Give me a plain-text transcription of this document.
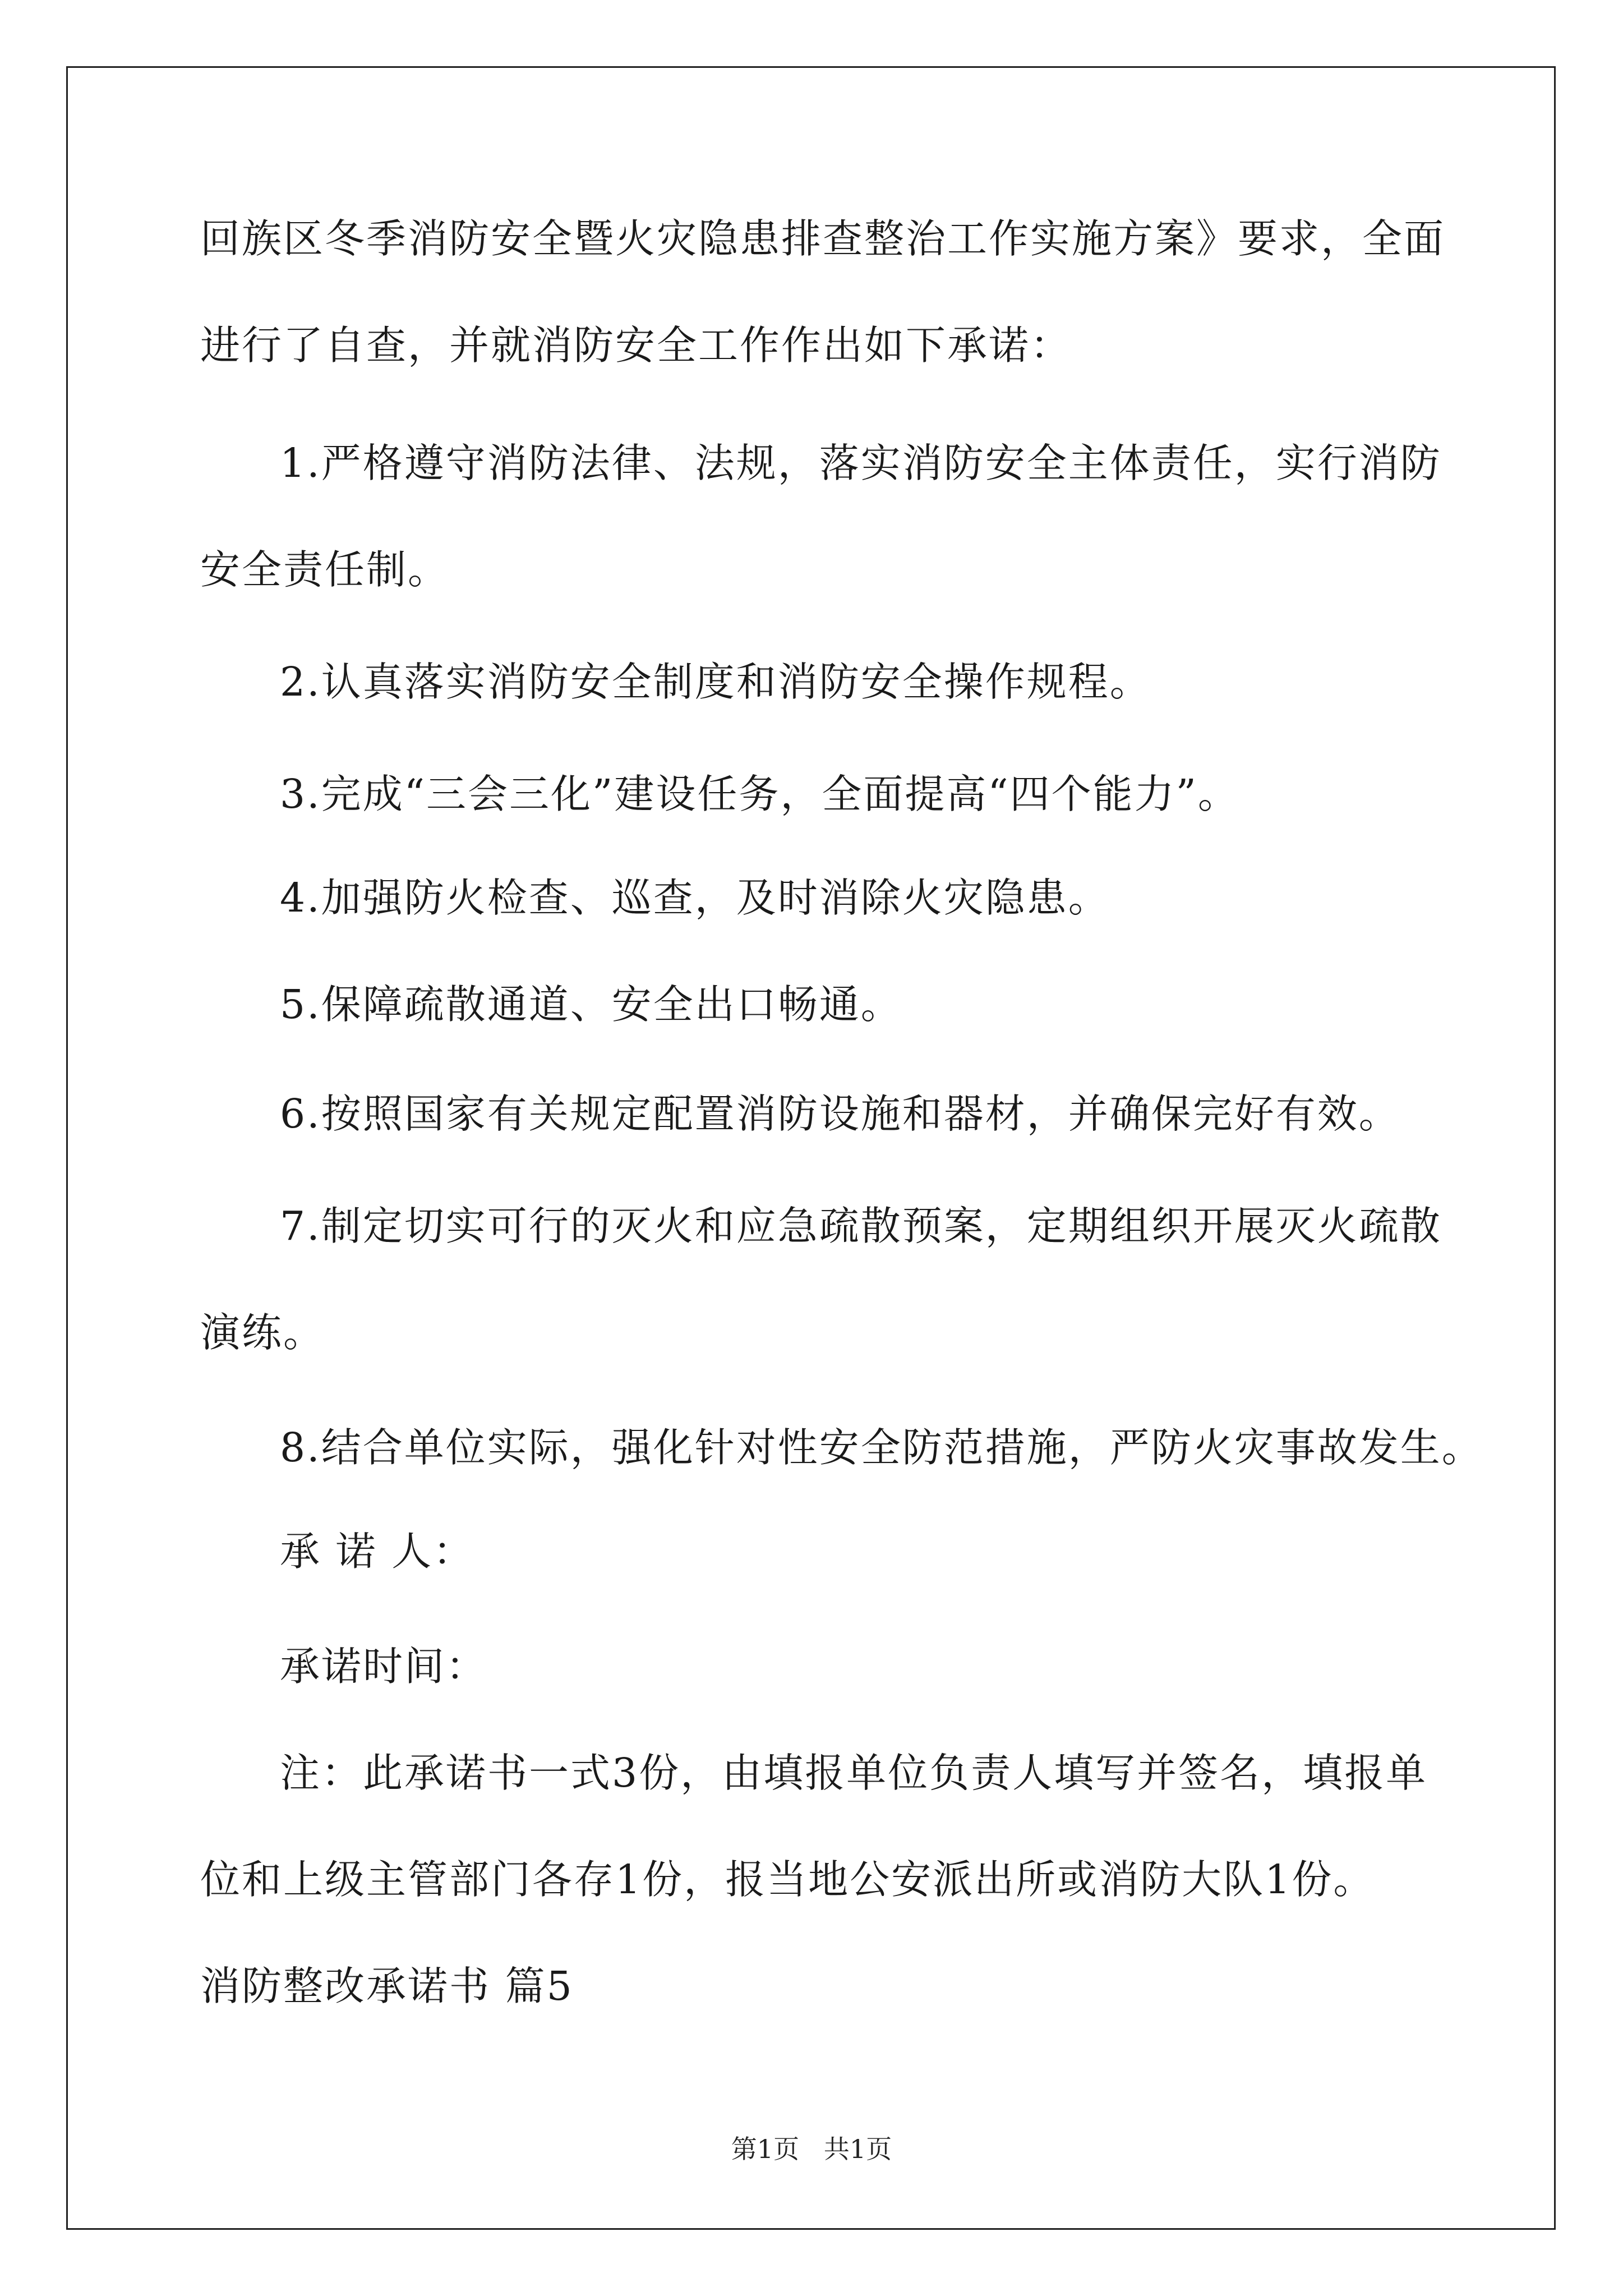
回族区冬季消防安全暨火灾隐患排查整治工作实施方案》要求，全面
进行了自查，并就消防安全工作作出如下承诺：
1.严格遵守消防法律、法规，落实消防安全主体责任，实行消防
安全责任制。
2.认真落实消防安全制度和消防安全操作规程。
3.完成“三会三化”建设任务，全面提高“四个能力”。
4.加强防火检查、巡查，及时消除火灾隐患。
5.保障疏散通道、安全出口畅通。
6.按照国家有关规定配置消防设施和器材，并确保完好有效。
7.制定切实可行的灭火和应急疏散预案，定期组织开展灭火疏散
演练。
8.结合单位实际，强化针对性安全防范措施，严防火灾事故发生。
承 诺 人：
承诺时间：
注：此承诺书一式3份，由填报单位负责人填写并签名，填报单
位和上级主管部门各存1份，报当地公安派出所或消防大队1份。
消防整改承诺书 篇5
第1页   共1页
